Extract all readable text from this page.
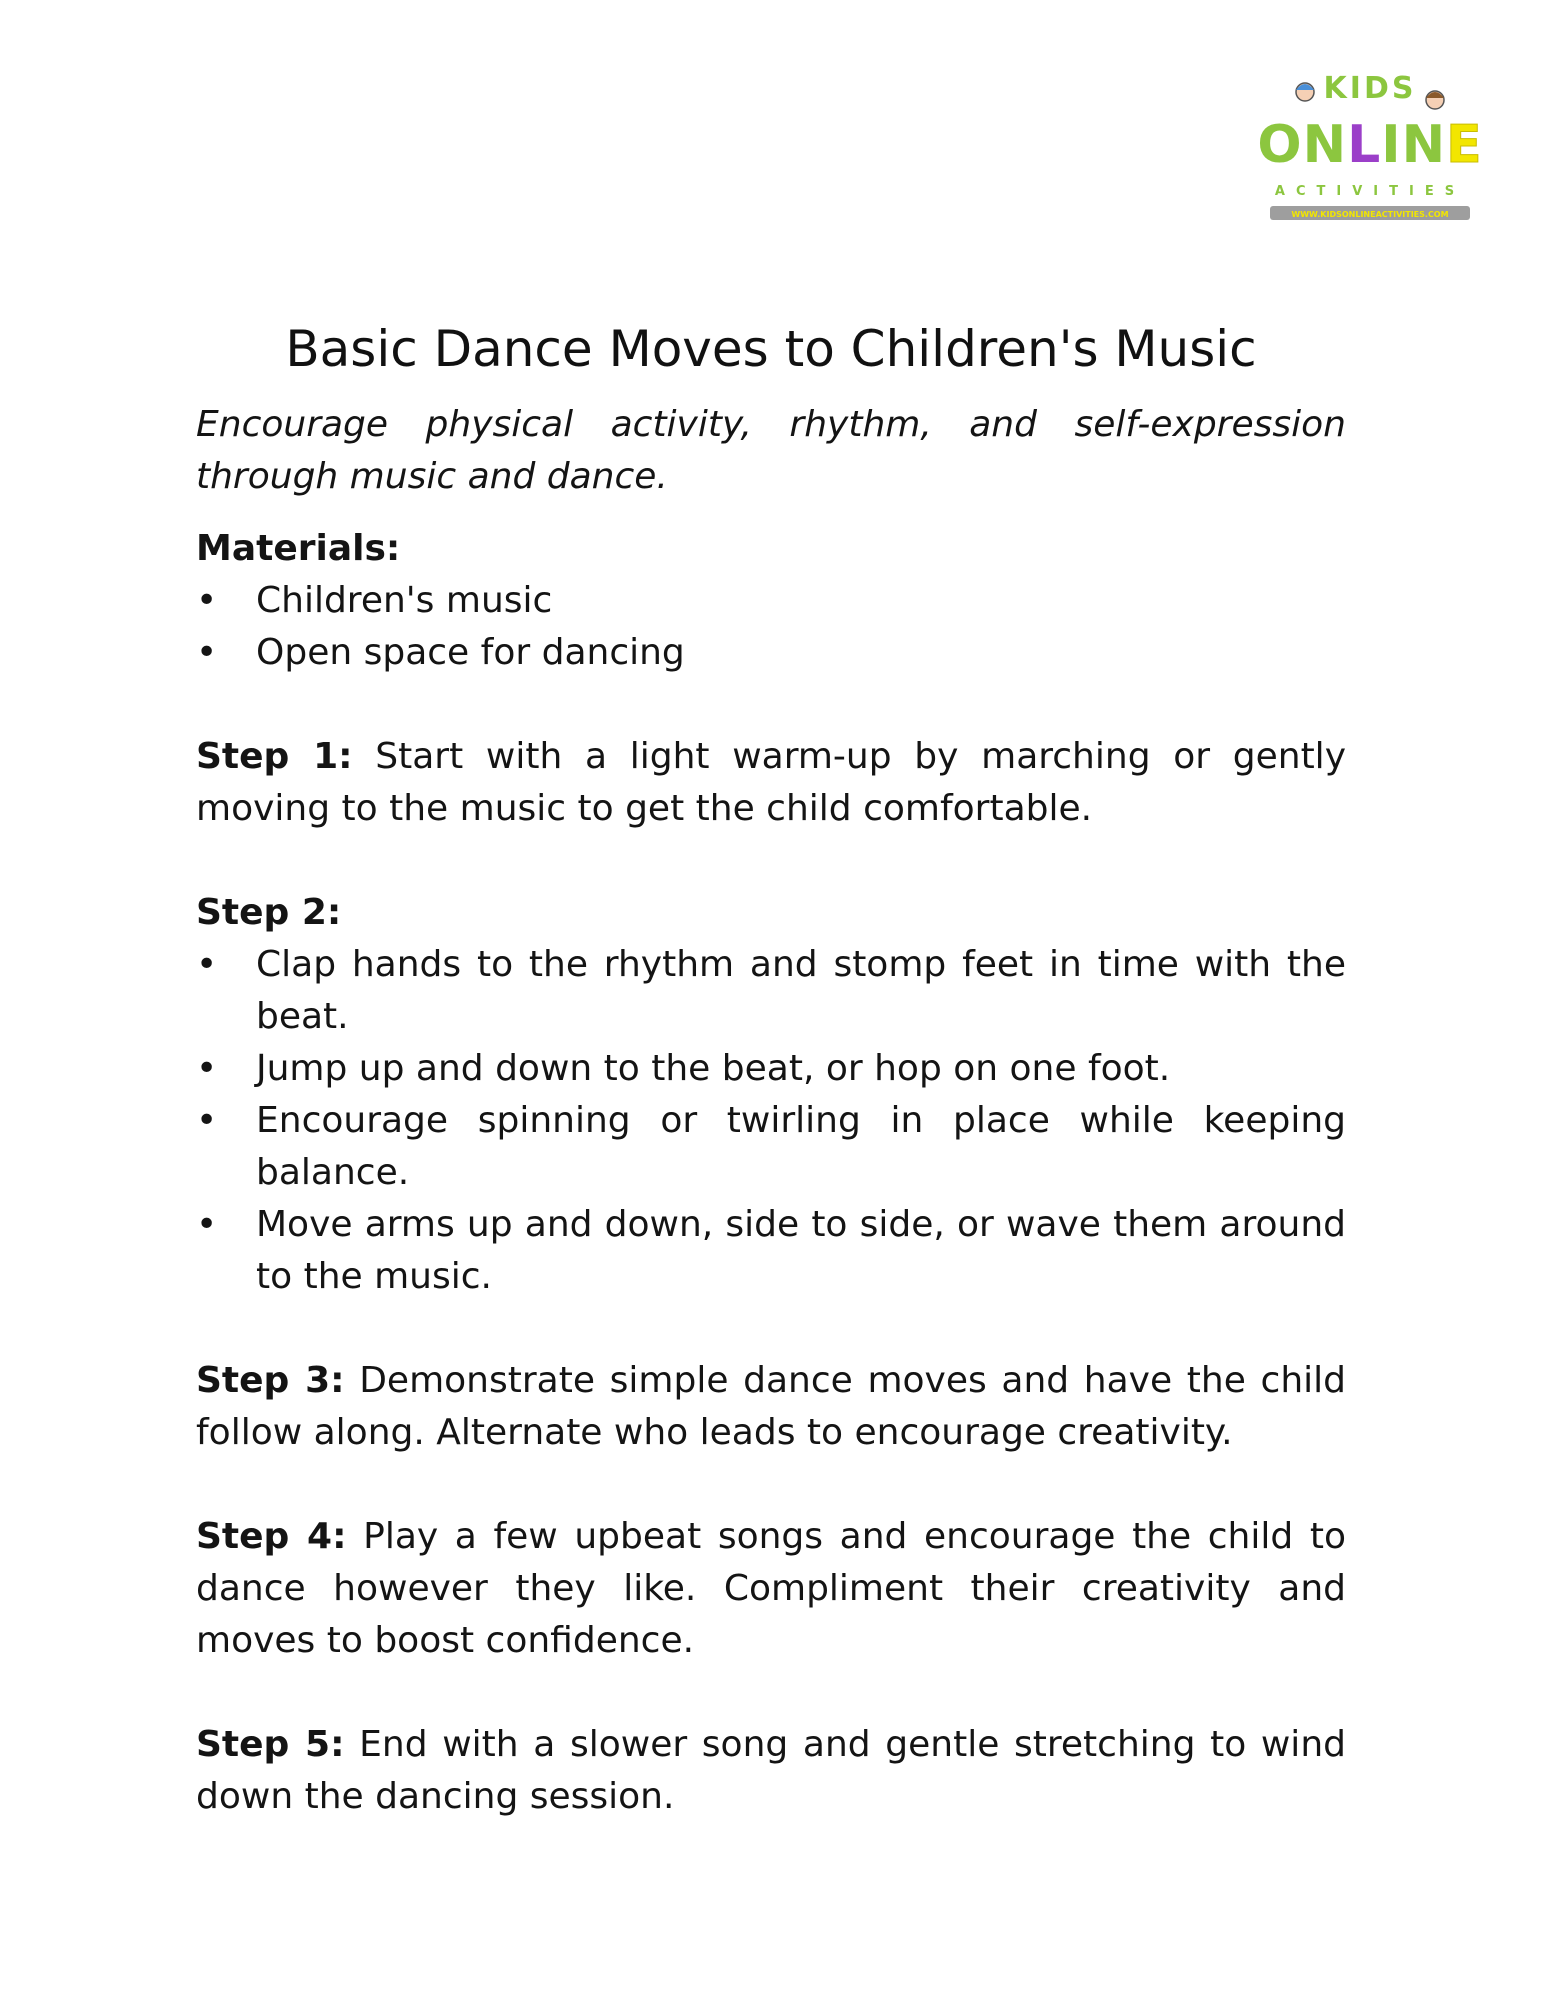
KIDS
ONLINE
ACTIVITIES
WWW.KIDSONLINEACTIVITIES.COM
Basic Dance Moves to Children's Music

Encourage physical activity, rhythm, and self-expression through music and dance.

Materials:

• Children's music
• Open space for dancing

Step 1: Start with a light warm-up by marching or gently moving to the music to get the child comfortable.

Step 2:

• Clap hands to the rhythm and stomp feet in time with the beat.
• Jump up and down to the beat, or hop on one foot.
• Encourage spinning or twirling in place while keeping balance.
• Move arms up and down, side to side, or wave them around to the music.

Step 3: Demonstrate simple dance moves and have the child follow along. Alternate who leads to encourage creativity.

Step 4: Play a few upbeat songs and encourage the child to dance however they like. Compliment their creativity and moves to boost confidence.

Step 5: End with a slower song and gentle stretching to wind down the dancing session.
